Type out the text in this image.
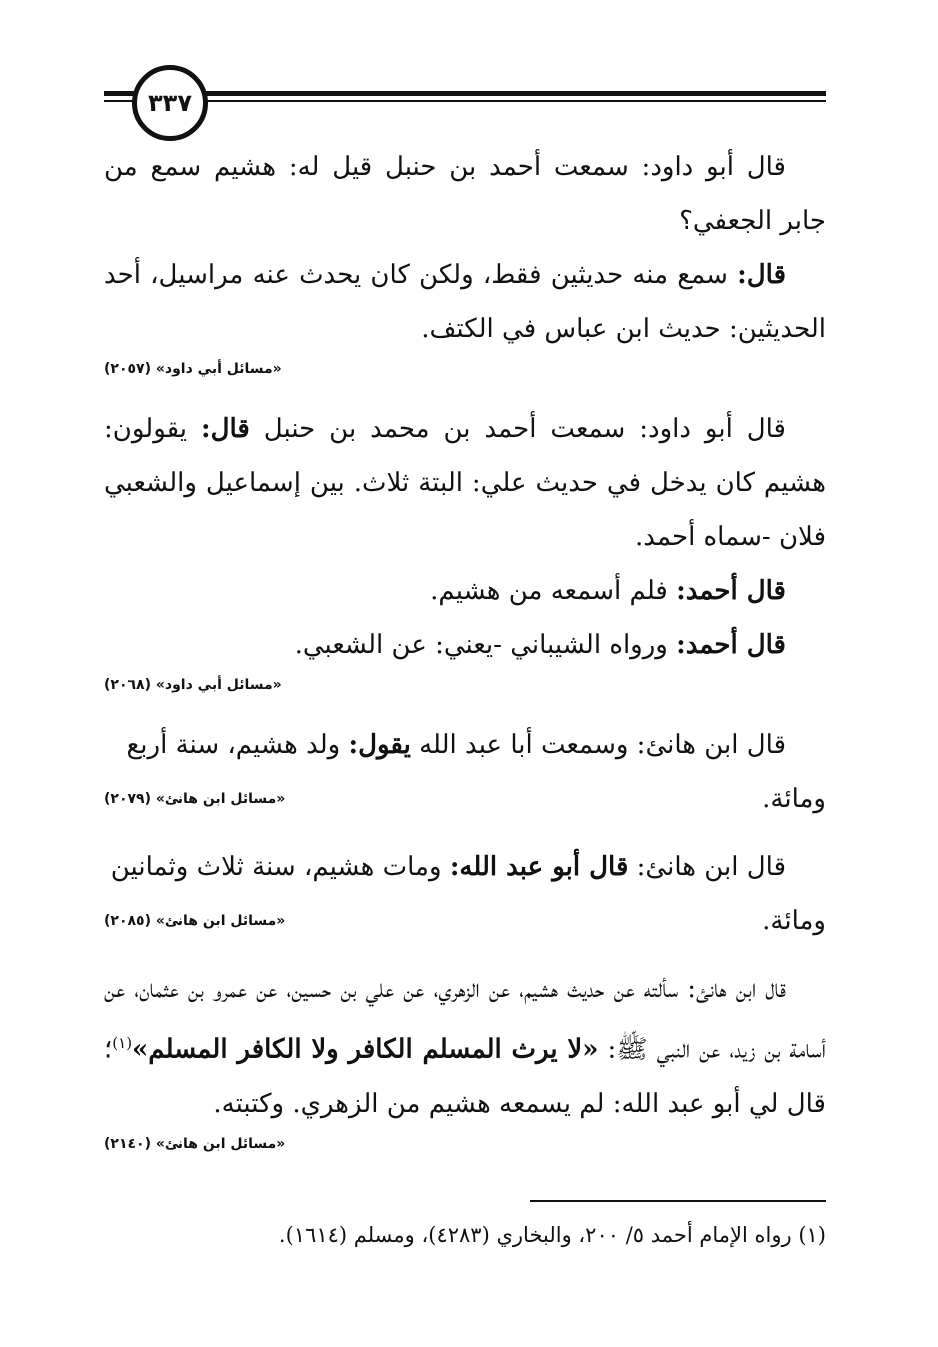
٣٣٧

قال أبو داود: سمعت أحمد بن حنبل قيل له: هشيم سمع من جابر الجعفي؟

قال: سمع منه حديثين فقط، ولكن كان يحدث عنه مراسيل، أحد الحديثين: حديث ابن عباس في الكتف.

«مسائل أبي داود» (٢٠٥٧)

قال أبو داود: سمعت أحمد بن محمد بن حنبل قال: يقولون: هشيم كان يدخل في حديث علي: البتة ثلاث. بين إسماعيل والشعبي فلان -سماه أحمد.

قال أحمد: فلم أسمعه من هشيم.

قال أحمد: ورواه الشيباني -يعني: عن الشعبي.

«مسائل أبي داود» (٢٠٦٨)

قال ابن هانئ: وسمعت أبا عبد الله يقول: ولد هشيم، سنة أربع

ومائة.

«مسائل ابن هانئ» (٢٠٧٩)

قال ابن هانئ: قال أبو عبد الله: ومات هشيم، سنة ثلاث وثمانين

ومائة.

«مسائل ابن هانئ» (٢٠٨٥)

قال ابن هانئ: سألته عن حديث هشيم، عن الزهري، عن علي بن حسين، عن عمرو بن عثمان، عن أسامة بن زيد، عن النبي ﷺ: «لا يرث المسلم الكافر ولا الكافر المسلم»$^{(١)}$؛ قال لي أبو عبد الله: لم يسمعه هشيم من الزهري. وكتبته.

«مسائل ابن هانئ» (٢١٤٠)
(١) رواه الإمام أحمد ٥/ ٢٠٠، والبخاري (٤٢٨٣)، ومسلم (١٦١٤).
